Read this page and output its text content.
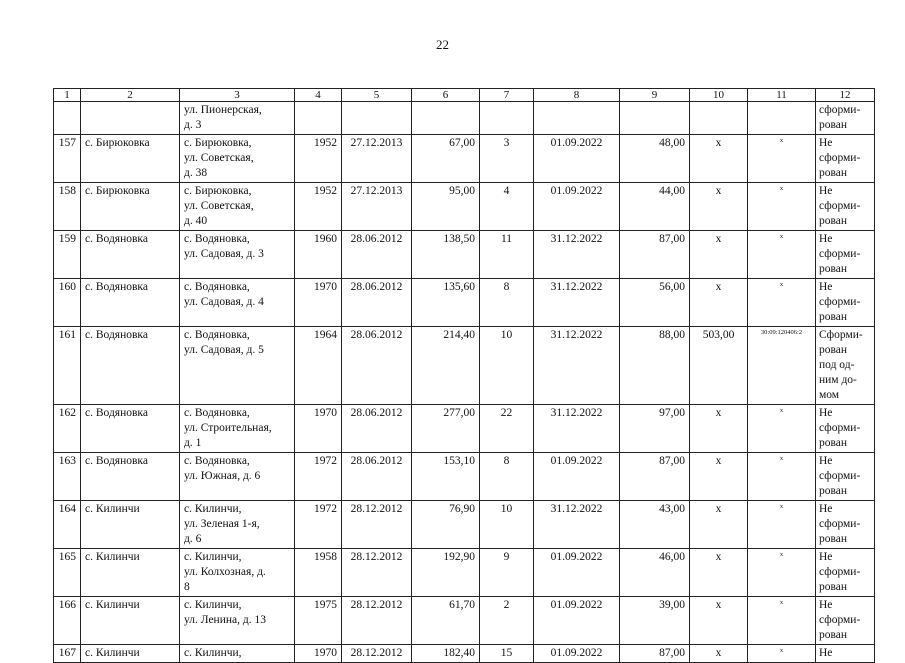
22
1	2	3	4	5	6	7	8	9	10	11	12
		ул. Пионерская,
д. 3									сформи-
рован
157	с. Бирюковка	с. Бирюковка,
ул. Советская,
д. 38	1952	27.12.2013	67,00	3	01.09.2022	48,00	x	x	Не
сформи-
рован
158	с. Бирюковка	с. Бирюковка,
ул. Советская,
д. 40	1952	27.12.2013	95,00	4	01.09.2022	44,00	x	x	Не
сформи-
рован
159	с. Водяновка	с. Водяновка,
ул. Садовая, д. 3	1960	28.06.2012	138,50	11	31.12.2022	87,00	x	x	Не
сформи-
рован
160	с. Водяновка	с. Водяновка,
ул. Садовая, д. 4	1970	28.06.2012	135,60	8	31.12.2022	56,00	x	x	Не
сформи-
рован
161	с. Водяновка	с. Водяновка,
ул. Садовая, д. 5	1964	28.06.2012	214,40	10	31.12.2022	88,00	503,00	30:09:120406:2	Сформи-
рован
под од-
ним до-
мом
162	с. Водяновка	с. Водяновка,
ул. Строительная,
д. 1	1970	28.06.2012	277,00	22	31.12.2022	97,00	x	x	Не
сформи-
рован
163	с. Водяновка	с. Водяновка,
ул. Южная, д. 6	1972	28.06.2012	153,10	8	01.09.2022	87,00	x	x	Не
сформи-
рован
164	с. Килинчи	с. Килинчи,
ул. Зеленая 1-я,
д. 6	1972	28.12.2012	76,90	10	31.12.2022	43,00	x	x	Не
сформи-
рован
165	с. Килинчи	с. Килинчи,
ул. Колхозная, д.
8	1958	28.12.2012	192,90	9	01.09.2022	46,00	x	x	Не
сформи-
рован
166	с. Килинчи	с. Килинчи,
ул. Ленина, д. 13	1975	28.12.2012	61,70	2	01.09.2022	39,00	x	x	Не
сформи-
рован
167	с. Килинчи	с. Килинчи,	1970	28.12.2012	182,40	15	01.09.2022	87,00	x	x	Не
